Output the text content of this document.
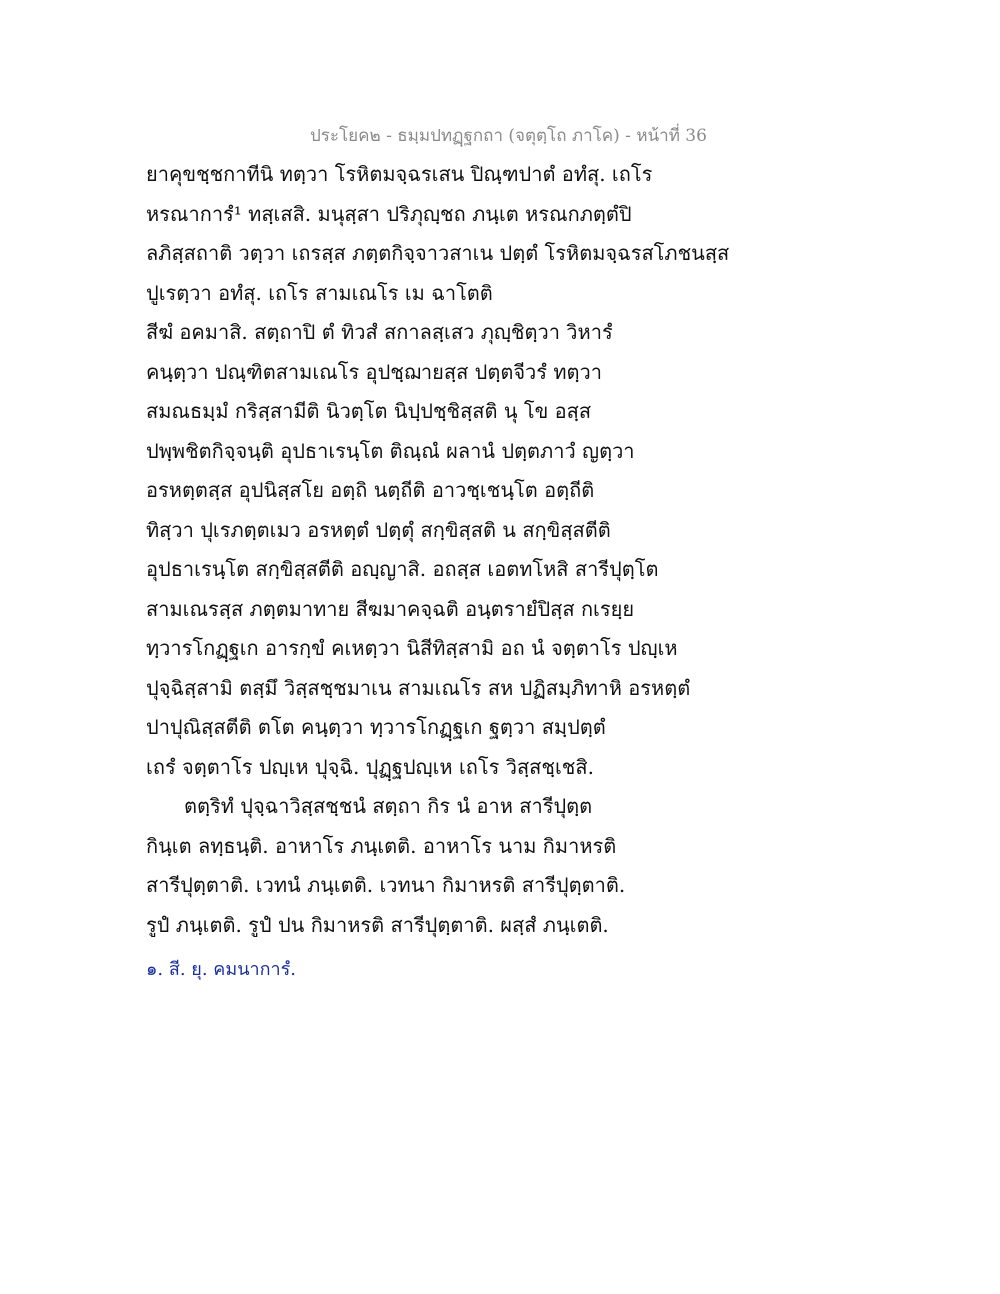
ประโยค๒ - ธมฺมปทฏฺฐกถา (จตุตฺโถ ภาโค) - หน้าที่ 36
ยาคุขชฺชกาทีนิ ทตฺวา โรหิตมจฺฉรเสน ปิณฺฑปาตํ อทํสุ. เถโร
หรณาการํ¹ ทสฺเสสิ. มนุสฺสา ปริภุญฺชถ ภนฺเต หรณกภตฺตํปิ
ลภิสฺสถาติ วตฺวา เถรสฺส ภตฺตกิจฺจาวสาเน ปตฺตํ โรหิตมจฺฉรสโภชนสฺส
ปูเรตฺวา อทํสุ. เถโร สามเณโร เม ฉาโตติ
สีฆํ อคมาสิ. สตฺถาปิ ตํ ทิวสํ สกาลสฺเสว ภุญฺชิตฺวา วิหารํ
คนฺตฺวา ปณฺฑิตสามเณโร อุปชฺฌายสฺส ปตฺตจีวรํ ทตฺวา
สมณธมฺมํ กริสฺสามีติ นิวตฺโต นิปฺปชฺชิสฺสติ นุ โข อสฺส
ปพฺพชิตกิจฺจนฺติ อุปธาเรนฺโต ติณฺณํ ผลานํ ปตฺตภาวํ ญตฺวา
อรหตฺตสฺส อุปนิสฺสโย อตฺถิ นตฺถีติ อาวชฺเชนฺโต อตฺถีติ
ทิสฺวา ปุเรภตฺตเมว อรหตฺตํ ปตฺตุํ สกฺขิสฺสติ น สกฺขิสฺสตีติ
อุปธาเรนฺโต สกฺขิสฺสตีติ อญฺญาสิ. อถสฺส เอตทโหสิ สารีปุตฺโต
สามเณรสฺส ภตฺตมาทาย สีฆมาคจฺฉติ อนฺตรายํปิสฺส กเรยฺย
ทฺวารโกฏฺฐเก อารกฺขํ คเหตฺวา นิสีทิสฺสามิ อถ นํ จตฺตาโร ปญฺเห
ปุจฺฉิสฺสามิ ตสฺมึ วิสฺสชฺชมาเน สามเณโร สห ปฏิสมฺภิทาหิ อรหตฺตํ
ปาปุณิสฺสตีติ ตโต คนฺตฺวา ทฺวารโกฏฺฐเก ฐตฺวา สมฺปตฺตํ
เถรํ จตฺตาโร ปญฺเห ปุจฺฉิ. ปุฏฺฐปญฺเห เถโร วิสฺสชฺเชสิ.
ตตฺริทํ ปุจฺฉาวิสฺสชฺชนํ สตฺถา กิร นํ อาห สารีปุตฺต
กินฺเต ลทฺธนฺติ. อาหาโร ภนฺเตติ. อาหาโร นาม กิมาหรติ
สารีปุตฺตาติ. เวทนํ ภนฺเตติ. เวทนา กิมาหรติ สารีปุตฺตาติ.
รูปํ ภนฺเตติ. รูปํ ปน กิมาหรติ สารีปุตฺตาติ. ผสฺสํ ภนฺเตติ.
๑. สี. ยุ. คมนาการํ.
